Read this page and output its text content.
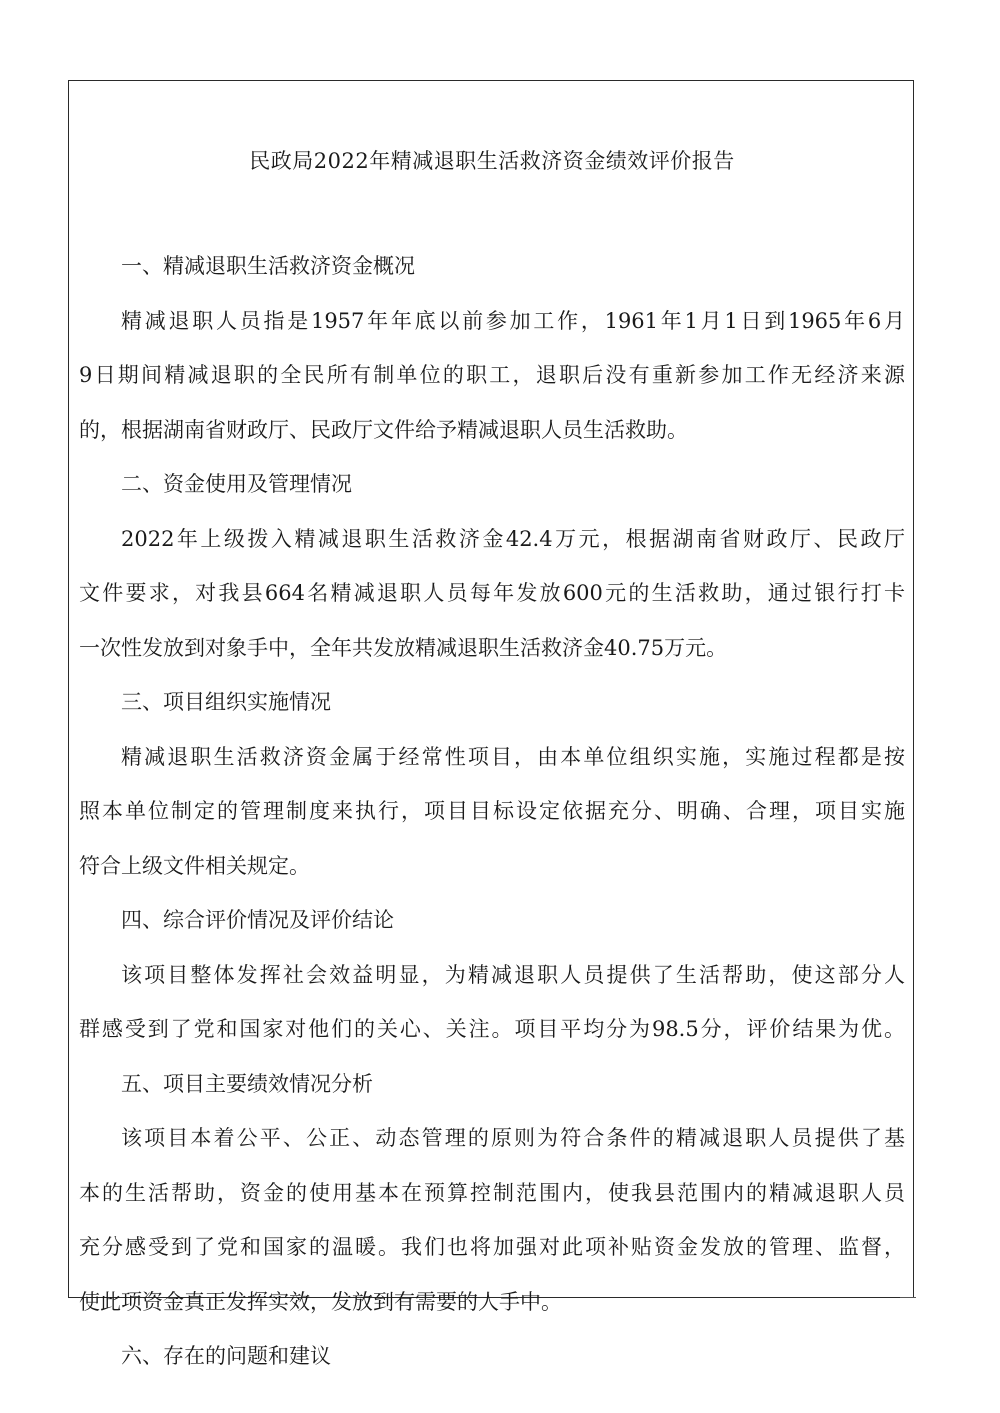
民政局2022年精减退职生活救济资金绩效评价报告
一、精减退职生活救济资金概况
精减退职人员指是1957年年底以前参加工作，1961年1月1日到1965年6月
9日期间精减退职的全民所有制单位的职工，退职后没有重新参加工作无经济来源
的，根据湖南省财政厅、民政厅文件给予精减退职人员生活救助。
二、资金使用及管理情况
2022年上级拨入精减退职生活救济金42.4万元，根据湖南省财政厅、民政厅
文件要求，对我县664名精减退职人员每年发放600元的生活救助，通过银行打卡
一次性发放到对象手中，全年共发放精减退职生活救济金40.75万元。
三、项目组织实施情况
精减退职生活救济资金属于经常性项目，由本单位组织实施，实施过程都是按
照本单位制定的管理制度来执行，项目目标设定依据充分、明确、合理，项目实施
符合上级文件相关规定。
四、综合评价情况及评价结论
该项目整体发挥社会效益明显，为精减退职人员提供了生活帮助，使这部分人
群感受到了党和国家对他们的关心、关注。项目平均分为98.5分，评价结果为优。
五、项目主要绩效情况分析
该项目本着公平、公正、动态管理的原则为符合条件的精减退职人员提供了基
本的生活帮助，资金的使用基本在预算控制范围内，使我县范围内的精减退职人员
充分感受到了党和国家的温暖。我们也将加强对此项补贴资金发放的管理、监督，
使此项资金真正发挥实效，发放到有需要的人手中。
六、存在的问题和建议
